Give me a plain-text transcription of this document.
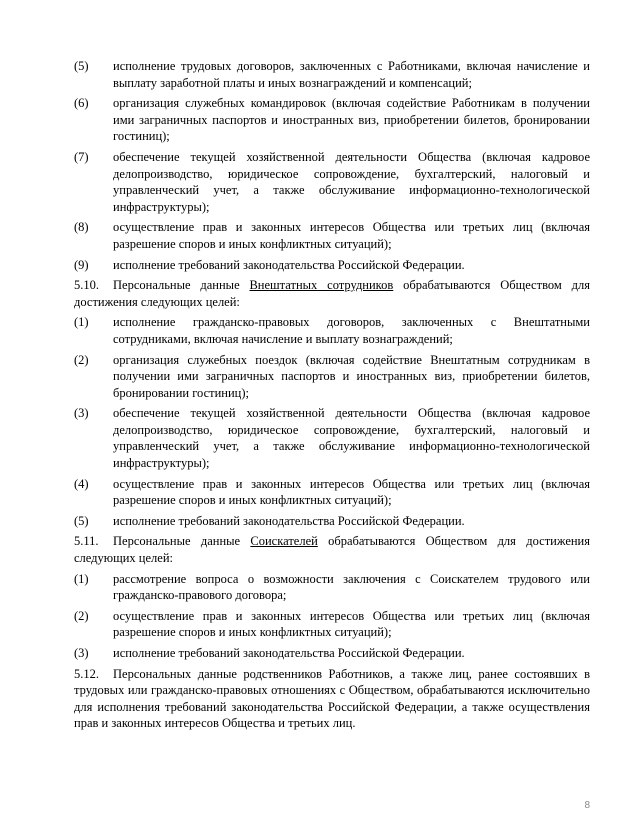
(5)	исполнение трудовых договоров, заключенных с Работниками, включая начисление и выплату заработной платы и иных вознаграждений и компенсаций;
(6)	организация служебных командировок (включая содействие Работникам в получении ими заграничных паспортов и иностранных виз, приобретении билетов, бронировании гостиниц);
(7)	обеспечение текущей хозяйственной деятельности Общества (включая кадровое делопроизводство, юридическое сопровождение, бухгалтерский, налоговый и управленческий учет, а также обслуживание информационно-технологической инфраструктуры);
(8)	осуществление прав и законных интересов Общества или третьих лиц (включая разрешение споров и иных конфликтных ситуаций);
(9)	исполнение требований законодательства Российской Федерации.
5.10. Персональные данные Внештатных сотрудников обрабатываются Обществом для достижения следующих целей:
(1)	исполнение гражданско-правовых договоров, заключенных с Внештатными сотрудниками, включая начисление и выплату вознаграждений;
(2)	организация служебных поездок (включая содействие Внештатным сотрудникам в получении ими заграничных паспортов и иностранных виз, приобретении билетов, бронировании гостиниц);
(3)	обеспечение текущей хозяйственной деятельности Общества (включая кадровое делопроизводство, юридическое сопровождение, бухгалтерский, налоговый и управленческий учет, а также обслуживание информационно-технологической инфраструктуры);
(4)	осуществление прав и законных интересов Общества или третьих лиц (включая разрешение споров и иных конфликтных ситуаций);
(5)	исполнение требований законодательства Российской Федерации.
5.11. Персональные данные Соискателей обрабатываются Обществом для достижения следующих целей:
(1)	рассмотрение вопроса о возможности заключения с Соискателем трудового или гражданско-правового договора;
(2)	осуществление прав и законных интересов Общества или третьих лиц (включая разрешение споров и иных конфликтных ситуаций);
(3)	исполнение требований законодательства Российской Федерации.
5.12. Персональных данные родственников Работников, а также лиц, ранее состоявших в трудовых или гражданско-правовых отношениях с Обществом, обрабатываются исключительно для исполнения требований законодательства Российской Федерации, а также осуществления прав и законных интересов Общества и третьих лиц.
8
